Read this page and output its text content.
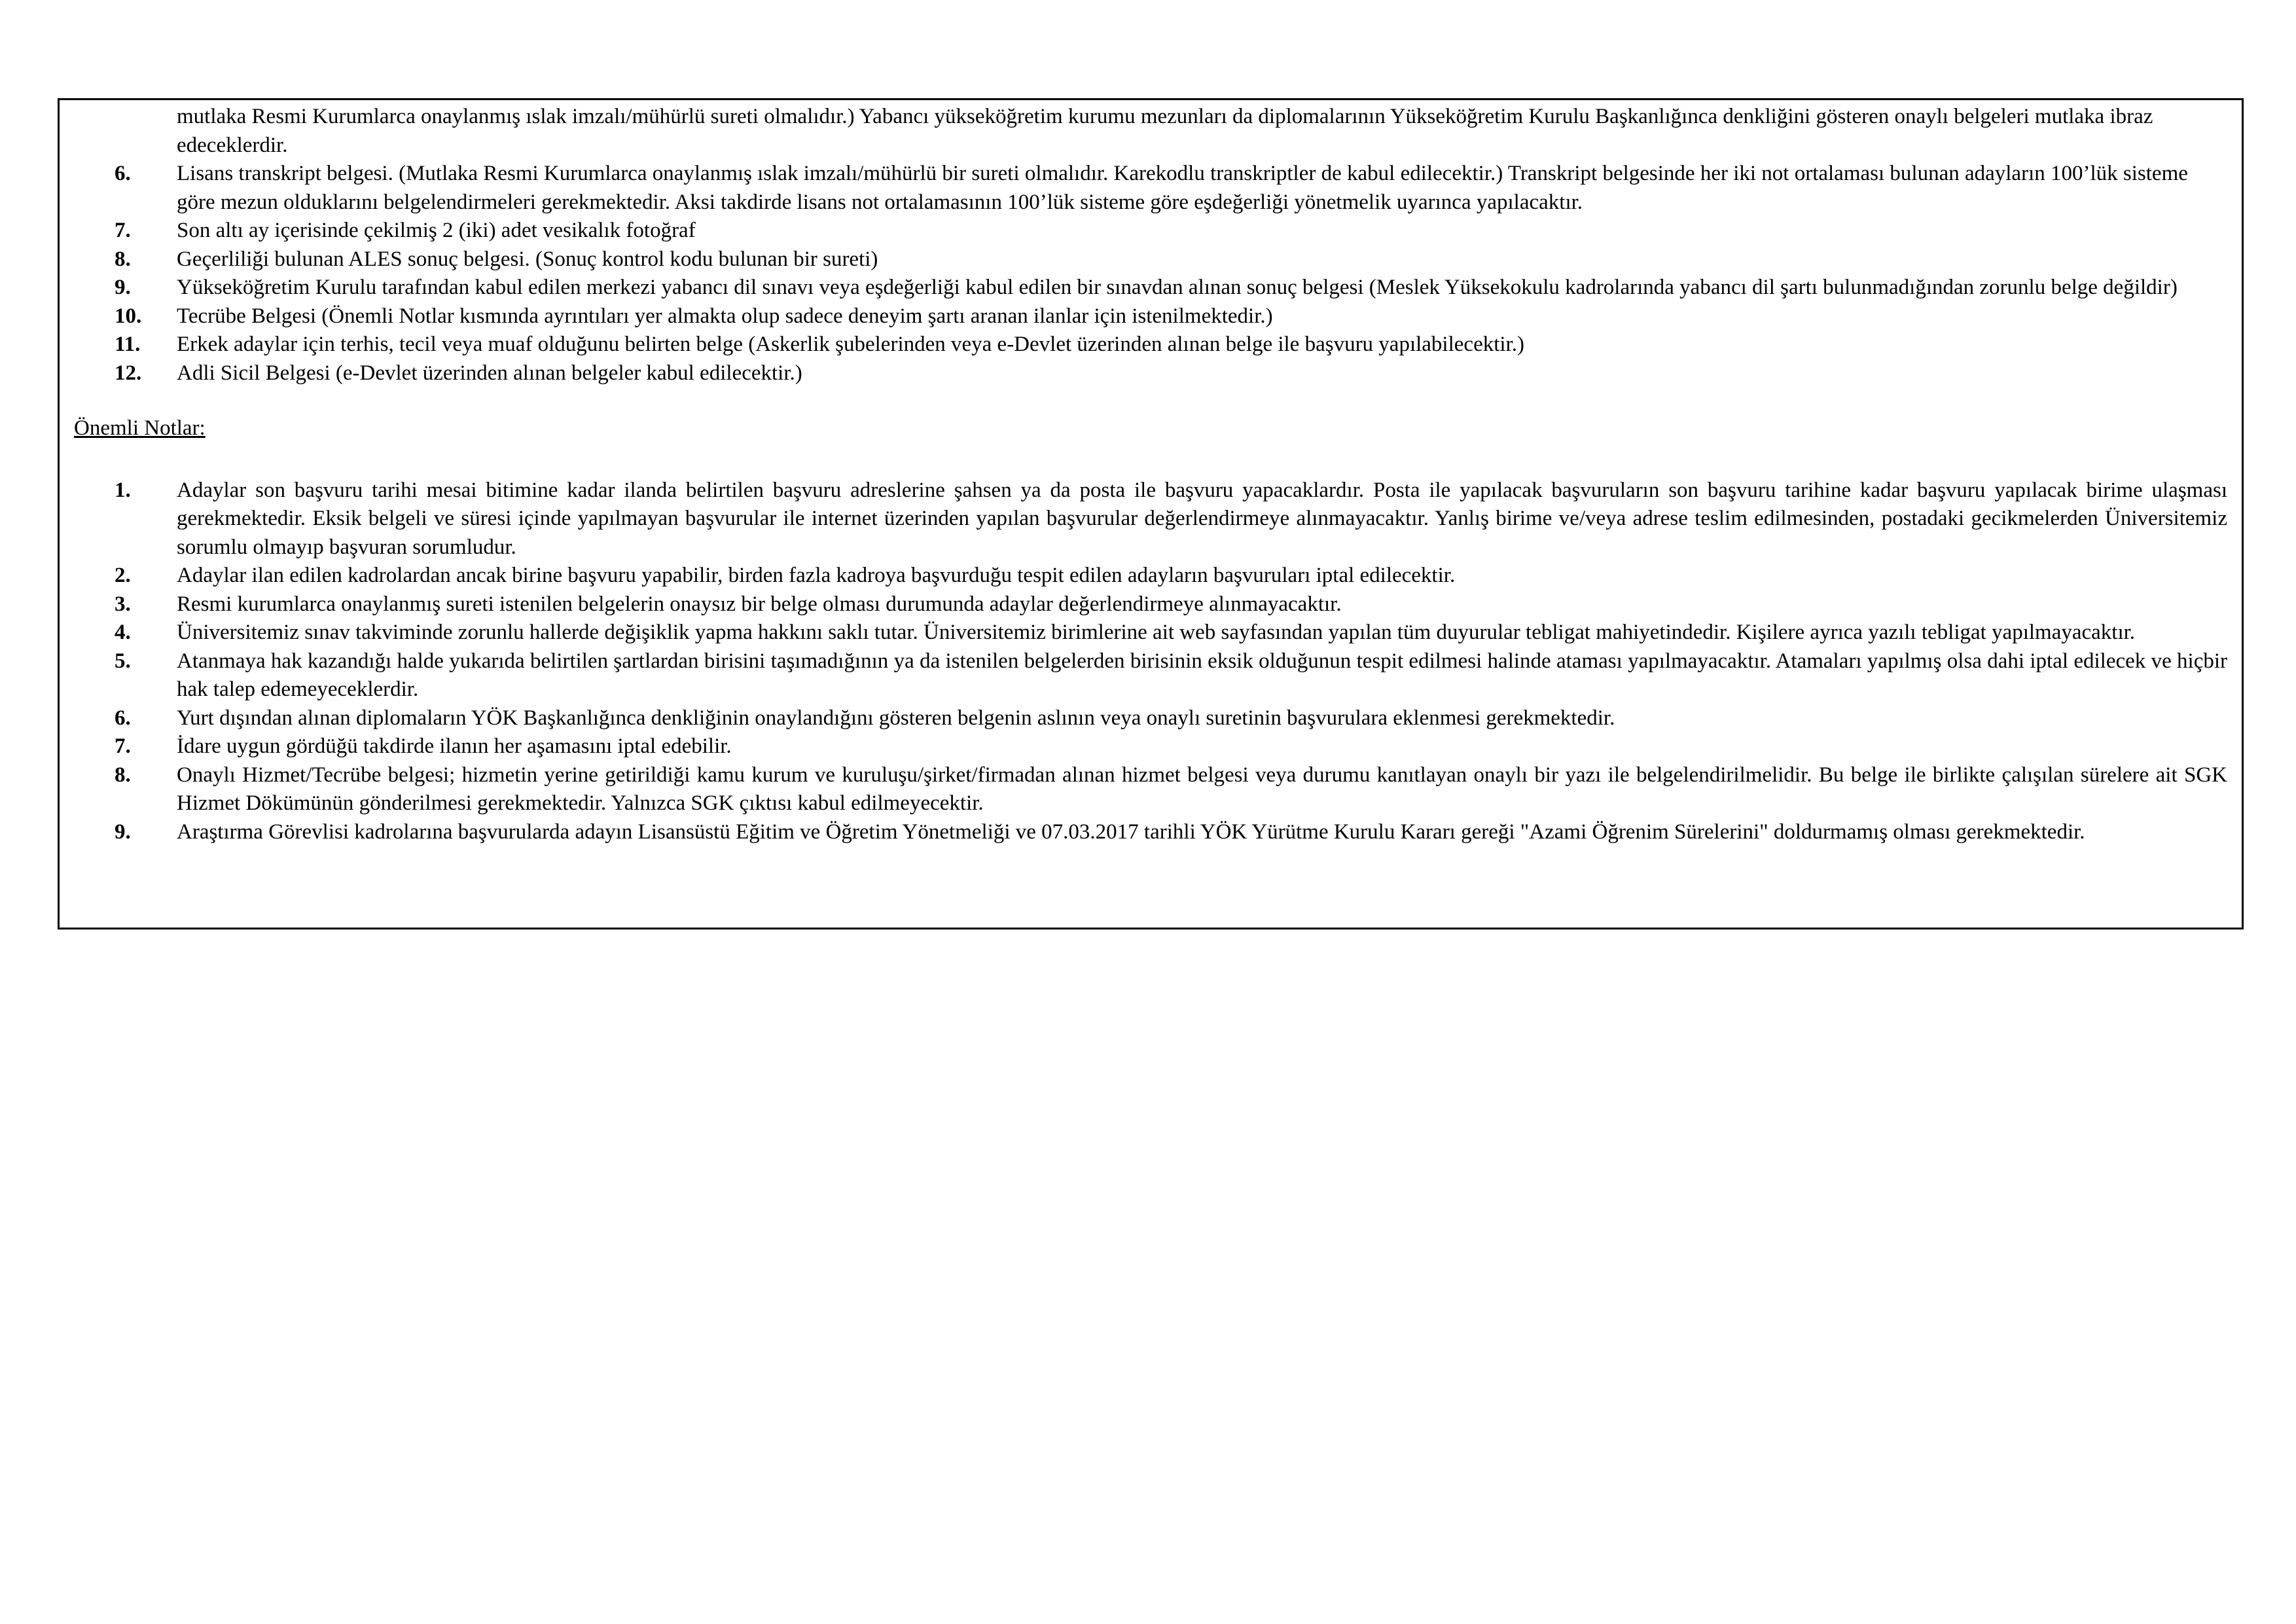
mutlaka Resmi Kurumlarca onaylanmış ıslak imzalı/mühürlü sureti olmalıdır.) Yabancı yükseköğretim kurumu mezunları da diplomalarının Yükseköğretim Kurulu Başkanlığınca denkliğini gösteren onaylı belgeleri mutlaka ibraz edeceklerdir.
6.	Lisans transkript belgesi. (Mutlaka Resmi Kurumlarca onaylanmış ıslak imzalı/mühürlü bir sureti olmalıdır. Karekodlu transkriptler de kabul edilecektir.) Transkript belgesinde her iki not ortalaması bulunan adayların 100’lük sisteme göre mezun olduklarını belgelendirmeleri gerekmektedir. Aksi takdirde lisans not ortalamasının 100’lük sisteme göre eşdeğerliği yönetmelik uyarınca yapılacaktır.
7.	Son altı ay içerisinde çekilmiş 2 (iki) adet vesikalık fotoğraf
8.	Geçerliliği bulunan ALES sonuç belgesi. (Sonuç kontrol kodu bulunan bir sureti)
9.	Yükseköğretim Kurulu tarafından kabul edilen merkezi yabancı dil sınavı veya eşdeğerliği kabul edilen bir sınavdan alınan sonuç belgesi (Meslek Yüksekokulu kadrolarında yabancı dil şartı bulunmadığından zorunlu belge değildir)
10.	Tecrübe Belgesi (Önemli Notlar kısmında ayrıntıları yer almakta olup sadece deneyim şartı aranan ilanlar için istenilmektedir.)
11.	Erkek adaylar için terhis, tecil veya muaf olduğunu belirten belge (Askerlik şubelerinden veya e-Devlet üzerinden alınan belge ile başvuru yapılabilecektir.)
12.	Adli Sicil Belgesi (e-Devlet üzerinden alınan belgeler kabul edilecektir.)
Önemli Notlar:
1.	Adaylar son başvuru tarihi mesai bitimine kadar ilanda belirtilen başvuru adreslerine şahsen ya da posta ile başvuru yapacaklardır. Posta ile yapılacak başvuruların son başvuru tarihine kadar başvuru yapılacak birime ulaşması gerekmektedir. Eksik belgeli ve süresi içinde yapılmayan başvurular ile internet üzerinden yapılan başvurular değerlendirmeye alınmayacaktır. Yanlış birime ve/veya adrese teslim edilmesinden, postadaki gecikmelerden Üniversitemiz sorumlu olmayıp başvuran sorumludur.
2.	Adaylar ilan edilen kadrolardan ancak birine başvuru yapabilir, birden fazla kadroya başvurduğu tespit edilen adayların başvuruları iptal edilecektir.
3.	Resmi kurumlarca onaylanmış sureti istenilen belgelerin onaysız bir belge olması durumunda adaylar değerlendirmeye alınmayacaktır.
4.	Üniversitemiz sınav takviminde zorunlu hallerde değişiklik yapma hakkını saklı tutar. Üniversitemiz birimlerine ait web sayfasından yapılan tüm duyurular tebligat mahiyetindedir. Kişilere ayrıca yazılı tebligat yapılmayacaktır.
5.	Atanmaya hak kazandığı halde yukarıda belirtilen şartlardan birisini taşımadığının ya da istenilen belgelerden birisinin eksik olduğunun tespit edilmesi halinde ataması yapılmayacaktır. Atamaları yapılmış olsa dahi iptal edilecek ve hiçbir hak talep edemeyeceklerdir.
6.	Yurt dışından alınan diplomaların YÖK Başkanlığınca denkliğinin onaylandığını gösteren belgenin aslının veya onaylı suretinin başvurulara eklenmesi gerekmektedir.
7.	İdare uygun gördüğü takdirde ilanın her aşamasını iptal edebilir.
8.	Onaylı Hizmet/Tecrübe belgesi; hizmetin yerine getirildiği kamu kurum ve kuruluşu/şirket/firmadan alınan hizmet belgesi veya durumu kanıtlayan onaylı bir yazı ile belgelendirilmelidir. Bu belge ile birlikte çalışılan sürelere ait SGK Hizmet Dökümünün gönderilmesi gerekmektedir. Yalnızca SGK çıktısı kabul edilmeyecektir.
9.	Araştırma Görevlisi kadrolarına başvurularda adayın Lisansüstü Eğitim ve Öğretim Yönetmeliği ve 07.03.2017 tarihli YÖK Yürütme Kurulu Kararı gereği "Azami Öğrenim Sürelerini" doldurmamış olması gerekmektedir.
